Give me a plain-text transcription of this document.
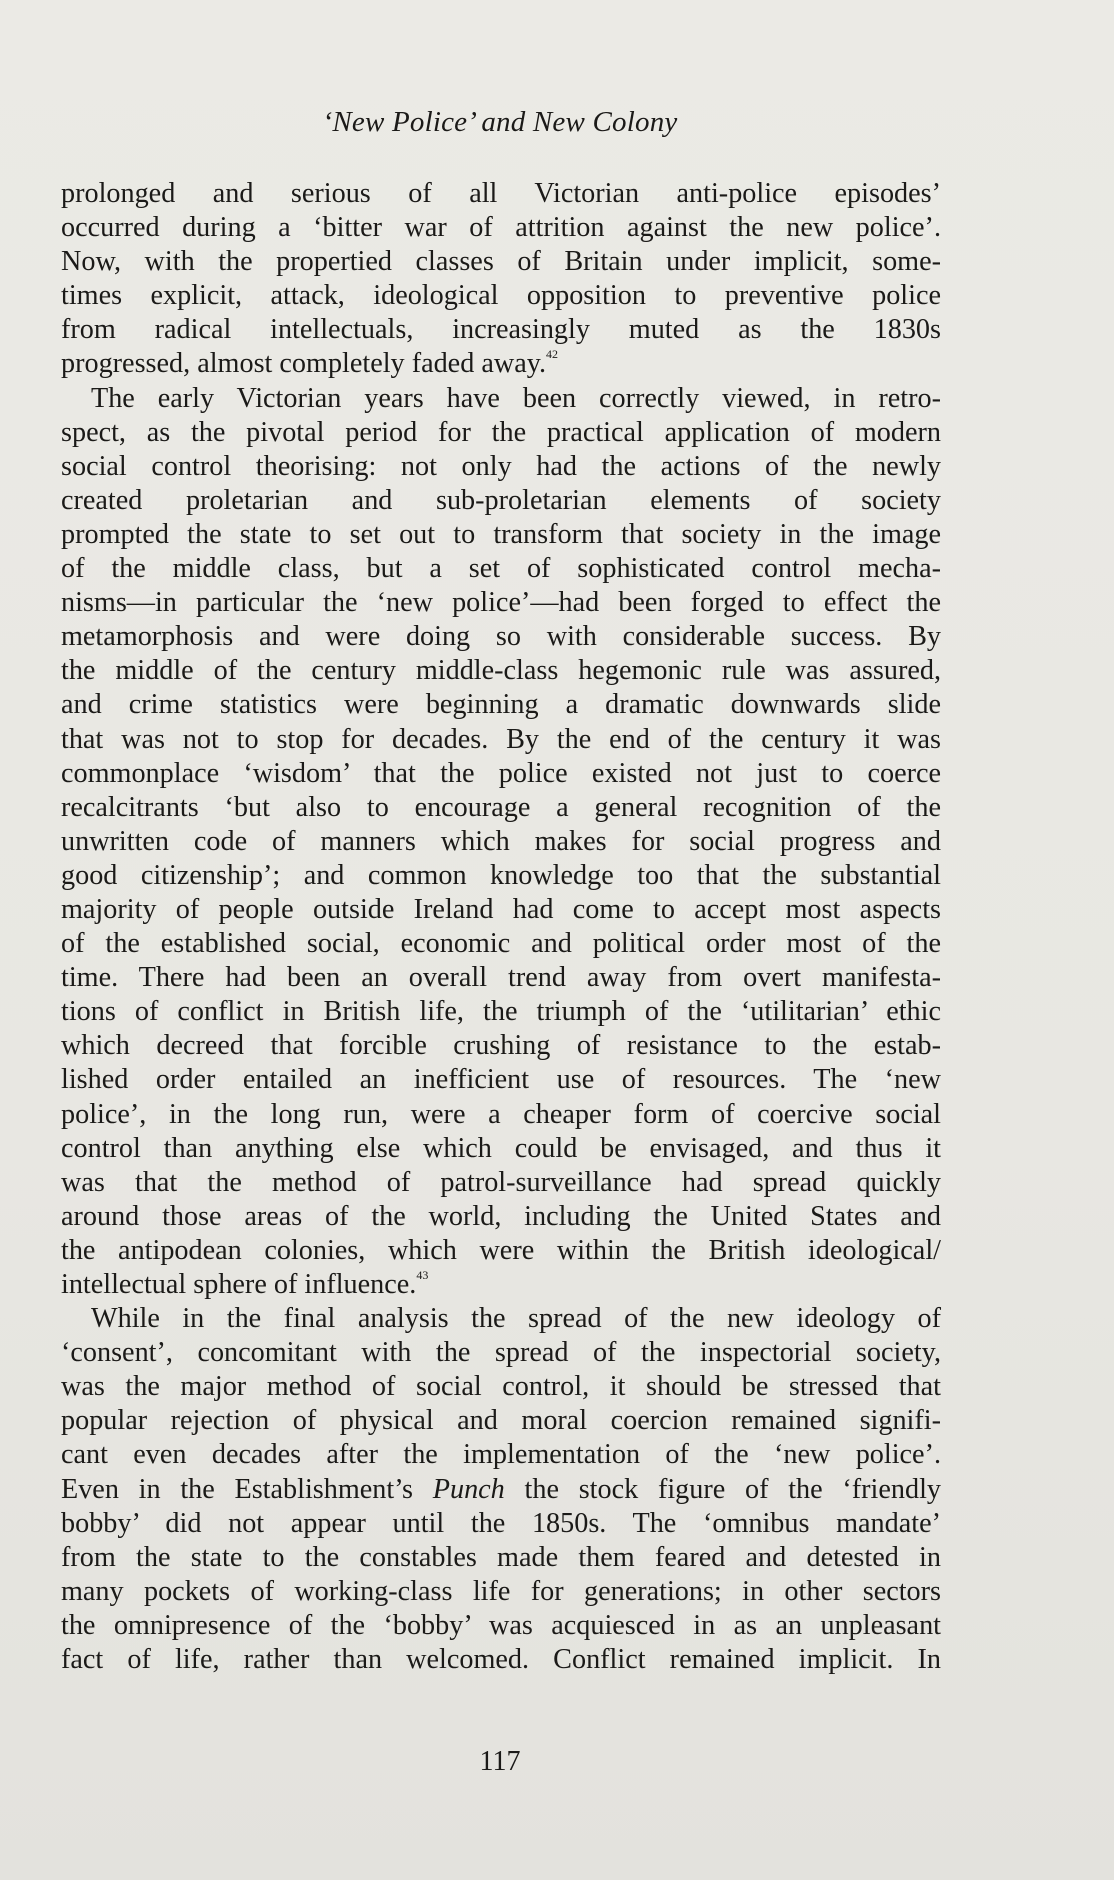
‘New Police’ and New Colony
prolonged and serious of all Victorian anti-police episodes’
occurred during a ‘bitter war of attrition against the new police’.
Now, with the propertied classes of Britain under implicit, some-
times explicit, attack, ideological opposition to preventive police
from radical intellectuals, increasingly muted as the 1830s
progressed, almost completely faded away.$^{42}$
The early Victorian years have been correctly viewed, in retro-
spect, as the pivotal period for the practical application of modern
social control theorising: not only had the actions of the newly
created proletarian and sub-proletarian elements of society
prompted the state to set out to transform that society in the image
of the middle class, but a set of sophisticated control mecha-
nisms—in particular the ‘new police’—had been forged to effect the
metamorphosis and were doing so with considerable success. By
the middle of the century middle-class hegemonic rule was assured,
and crime statistics were beginning a dramatic downwards slide
that was not to stop for decades. By the end of the century it was
commonplace ‘wisdom’ that the police existed not just to coerce
recalcitrants ‘but also to encourage a general recognition of the
unwritten code of manners which makes for social progress and
good citizenship’; and common knowledge too that the substantial
majority of people outside Ireland had come to accept most aspects
of the established social, economic and political order most of the
time. There had been an overall trend away from overt manifesta-
tions of conflict in British life, the triumph of the ‘utilitarian’ ethic
which decreed that forcible crushing of resistance to the estab-
lished order entailed an inefficient use of resources. The ‘new
police’, in the long run, were a cheaper form of coercive social
control than anything else which could be envisaged, and thus it
was that the method of patrol-surveillance had spread quickly
around those areas of the world, including the United States and
the antipodean colonies, which were within the British ideological/
intellectual sphere of influence.$^{43}$
While in the final analysis the spread of the new ideology of
‘consent’, concomitant with the spread of the inspectorial society,
was the major method of social control, it should be stressed that
popular rejection of physical and moral coercion remained signifi-
cant even decades after the implementation of the ‘new police’.
Even in the Establishment’s Punch the stock figure of the ‘friendly
bobby’ did not appear until the 1850s. The ‘omnibus mandate’
from the state to the constables made them feared and detested in
many pockets of working-class life for generations; in other sectors
the omnipresence of the ‘bobby’ was acquiesced in as an unpleasant
fact of life, rather than welcomed. Conflict remained implicit. In
117
